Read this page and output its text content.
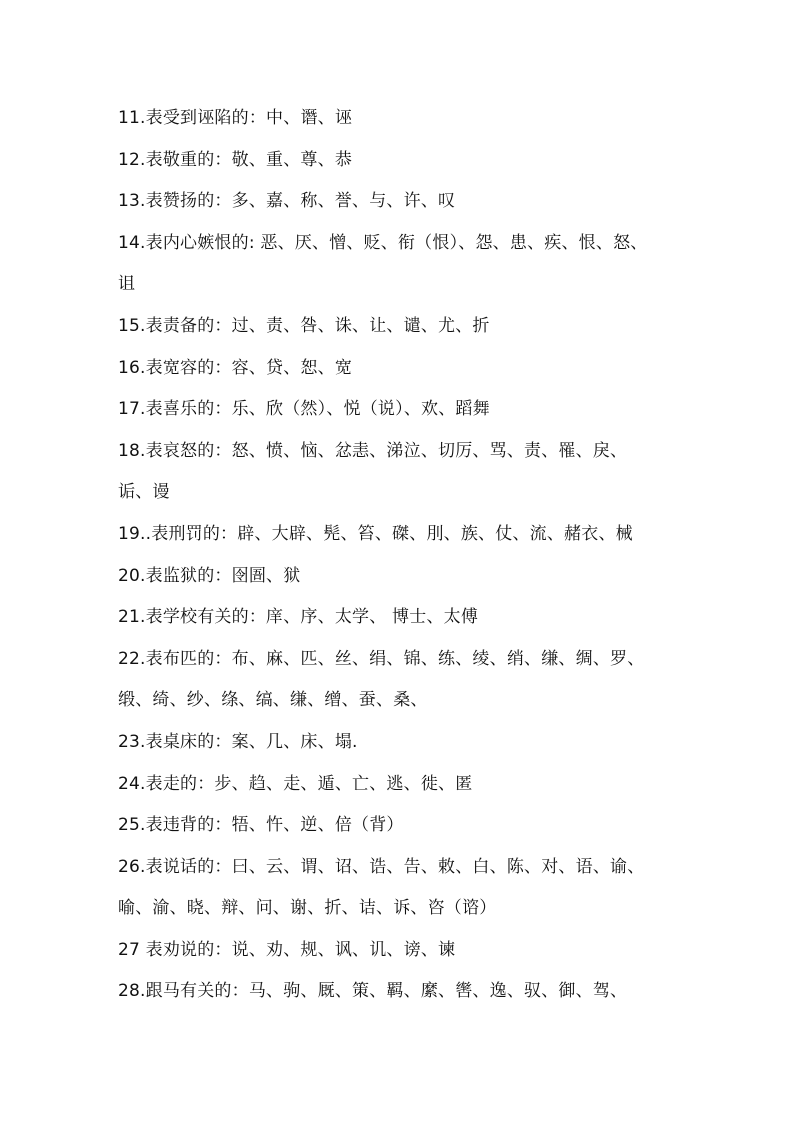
11.表受到诬陷的：中、谮、诬
12.表敬重的：敬、重、尊、恭
13.表赞扬的：多、嘉、称、誉、与、许、叹
14.表内心嫉恨的: 恶、厌、憎、贬、衔（恨）、怨、患、疾、恨、怒、
诅
15.表责备的：过、责、咎、诛、让、谴、尤、折
16.表宽容的：容、贷、恕、宽
17.表喜乐的：乐、欣（然）、悦（说）、欢、蹈舞
18.表哀怒的：怒、愤、恼、忿恚、涕泣、切厉、骂、责、罹、戾、
诟、谩
19..表刑罚的：辟、大辟、髡、笞、磔、刖、族、仗、流、赭衣、械
20.表监狱的：囹圄、狱
21.表学校有关的：庠、序、太学、 博士、太傅
22.表布匹的：布、麻、匹、丝、绢、锦、练、绫、绡、缣、绸、罗、
缎、绮、纱、绦、缟、缣、缯、蚕、桑、
23.表桌床的：案、几、床、塌.
24.表走的：步、趋、走、遁、亡、逃、徙、匿
25.表违背的：牾、忤、逆、倍（背）
26.表说话的：曰、云、谓、诏、诰、告、敕、白、陈、对、语、谕、
喻、渝、晓、辩、问、谢、折、诘、诉、咨（谘）
27 表劝说的：说、劝、规、讽、讥、谤、谏
28.跟马有关的：马、驹、厩、策、羁、縻、辔、逸、驭、御、驾、
